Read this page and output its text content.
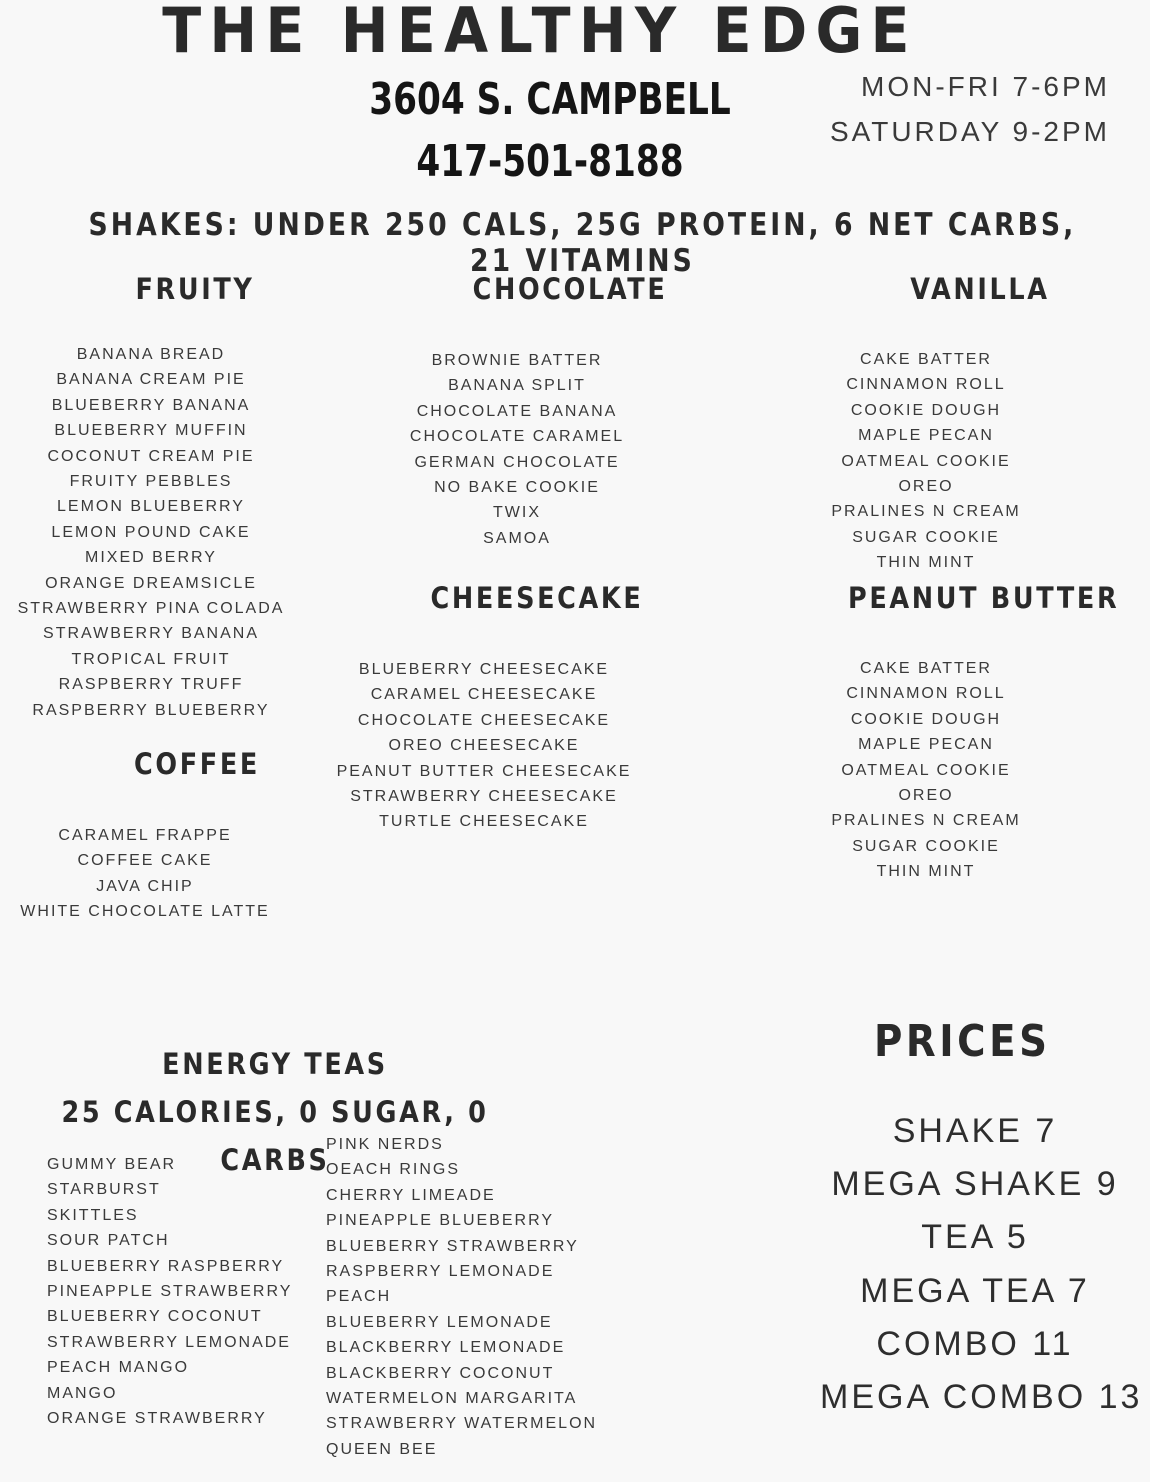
THE HEALTHY EDGE
3604 S. CAMPBELL
417-501-8188
MON-FRI 7-6PM
SATURDAY 9-2PM
SHAKES: UNDER 250 CALS, 25G PROTEIN, 6 NET CARBS, 21 VITAMINS
FRUITY
BANANA BREAD
BANANA CREAM PIE
BLUEBERRY BANANA
BLUEBERRY MUFFIN
COCONUT CREAM PIE
FRUITY PEBBLES
LEMON BLUEBERRY
LEMON POUND CAKE
MIXED BERRY
ORANGE DREAMSICLE
STRAWBERRY PINA COLADA
STRAWBERRY BANANA
TROPICAL FRUIT
RASPBERRY TRUFF
RASPBERRY BLUEBERRY
CHOCOLATE
BROWNIE BATTER
BANANA SPLIT
CHOCOLATE BANANA
CHOCOLATE CARAMEL
GERMAN CHOCOLATE
NO BAKE COOKIE
TWIX
SAMOA
VANILLA
CAKE BATTER
CINNAMON ROLL
COOKIE DOUGH
MAPLE PECAN
OATMEAL COOKIE
OREO
PRALINES N CREAM
SUGAR COOKIE
THIN MINT
CHEESECAKE
BLUEBERRY CHEESECAKE
CARAMEL CHEESECAKE
CHOCOLATE CHEESECAKE
OREO CHEESECAKE
PEANUT BUTTER CHEESECAKE
STRAWBERRY CHEESECAKE
TURTLE CHEESECAKE
PEANUT BUTTER
CAKE BATTER
CINNAMON ROLL
COOKIE DOUGH
MAPLE PECAN
OATMEAL COOKIE
OREO
PRALINES N CREAM
SUGAR COOKIE
THIN MINT
COFFEE
CARAMEL FRAPPE
COFFEE CAKE
JAVA CHIP
WHITE CHOCOLATE LATTE
ENERGY TEAS
25 CALORIES, 0 SUGAR, 0 CARBS
GUMMY BEAR
STARBURST
SKITTLES
SOUR PATCH
BLUEBERRY RASPBERRY
PINEAPPLE STRAWBERRY
BLUEBERRY COCONUT
STRAWBERRY LEMONADE
PEACH MANGO
MANGO
ORANGE STRAWBERRY
PINK NERDS
OEACH RINGS
CHERRY LIMEADE
PINEAPPLE BLUEBERRY
BLUEBERRY STRAWBERRY
RASPBERRY LEMONADE
PEACH
BLUEBERRY LEMONADE
BLACKBERRY LEMONADE
BLACKBERRY COCONUT
WATERMELON MARGARITA
STRAWBERRY WATERMELON
QUEEN BEE
PRICES
SHAKE 7
MEGA SHAKE 9
TEA 5
MEGA TEA 7
COMBO 11
MEGA COMBO 13
